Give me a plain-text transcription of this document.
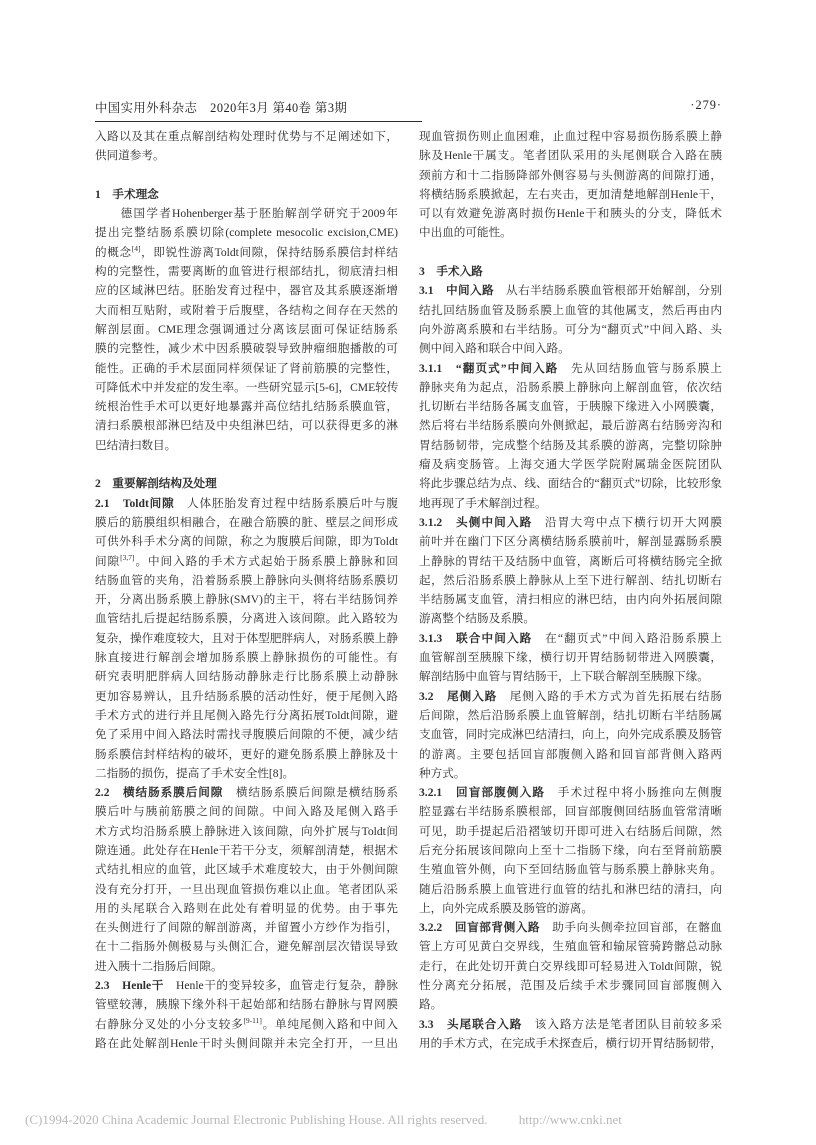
中国实用外科杂志　2020年3月 第40卷 第3期	·279·
入路以及其在重点解剖结构处理时优势与不足阐述如下，
供同道参考。

1　手术理念
　　德国学者Hohenberger基于胚胎解剖学研究于2009年
提出完整结肠系膜切除(complete mesocolic excision,CME)
的概念[4]，即锐性游离Toldt间隙，保持结肠系膜信封样结
构的完整性，需要离断的血管进行根部结扎，彻底清扫相
应的区域淋巴结。胚胎发育过程中，器官及其系膜逐渐增
大而相互贴附，或附着于后腹壁，各结构之间存在天然的
解剖层面。CME理念强调通过分离该层面可保证结肠系
膜的完整性，减少术中因系膜破裂导致肿瘤细胞播散的可
能性。正确的手术层面同样须保证了肾前筋膜的完整性，
可降低术中并发症的发生率。一些研究显示[5-6]，CME较传
统根治性手术可以更好地暴露并高位结扎结肠系膜血管，
清扫系膜根部淋巴结及中央组淋巴结，可以获得更多的淋
巴结清扫数目。

2　重要解剖结构及处理
2.1　Toldt间隙　人体胚胎发育过程中结肠系膜后叶与腹
膜后的筋膜组织相融合，在融合筋膜的脏、壁层之间形成
可供外科手术分离的间隙，称之为腹膜后间隙，即为Toldt
间隙[3,7]。中间入路的手术方式起始于肠系膜上静脉和回
结肠血管的夹角，沿着肠系膜上静脉向头侧将结肠系膜切
开，分离出肠系膜上静脉(SMV)的主干，将右半结肠饲养
血管结扎后提起结肠系膜，分离进入该间隙。此入路较为
复杂，操作难度较大，且对于体型肥胖病人，对肠系膜上静
脉直接进行解剖会增加肠系膜上静脉损伤的可能性。有
研究表明肥胖病人回结肠动静脉走行比肠系膜上动静脉
更加容易辨认，且升结肠系膜的活动性好，便于尾侧入路
手术方式的进行并且尾侧入路先行分离拓展Toldt间隙，避
免了采用中间入路法时需找寻腹膜后间隙的不便，减少结
肠系膜信封样结构的破坏，更好的避免肠系膜上静脉及十
二指肠的损伤，提高了手术安全性[8]。
2.2　横结肠系膜后间隙　横结肠系膜后间隙是横结肠系
膜后叶与胰前筋膜之间的间隙。中间入路及尾侧入路手
术方式均沿肠系膜上静脉进入该间隙，向外扩展与Toldt间
隙连通。此处存在Henle干若干分支，须解剖清楚，根据术
式结扎相应的血管，此区域手术难度较大，由于外侧间隙
没有充分打开，一旦出现血管损伤难以止血。笔者团队采
用的头尾联合入路则在此处有着明显的优势。由于事先
在头侧进行了间隙的解剖游离，并留置小方纱作为指引，
在十二指肠外侧极易与头侧汇合，避免解剖层次错误导致
进入胰十二指肠后间隙。
2.3　Henle干　Henle干的变异较多，血管走行复杂，静脉
管壁较薄，胰腺下缘外科干起始部和结肠右静脉与胃网膜
右静脉分叉处的小分支较多[9-11]。单纯尾侧入路和中间入
路在此处解剖Henle干时头侧间隙并未完全打开，一旦出
现血管损伤则止血困难，止血过程中容易损伤肠系膜上静
脉及Henle干属支。笔者团队采用的头尾侧联合入路在胰
颈前方和十二指肠降部外侧容易与头侧游离的间隙打通，
将横结肠系膜掀起，左右夹击，更加清楚地解剖Henle干，
可以有效避免游离时损伤Henle干和胰头的分支，降低术
中出血的可能性。

3　手术入路
3.1　中间入路　从右半结肠系膜血管根部开始解剖，分别
结扎回结肠血管及肠系膜上血管的其他属支，然后再由内
向外游离系膜和右半结肠。可分为“翻页式”中间入路、头
侧中间入路和联合中间入路。
3.1.1　“翻页式”中间入路　先从回结肠血管与肠系膜上
静脉夹角为起点，沿肠系膜上静脉向上解剖血管，依次结
扎切断右半结肠各属支血管，于胰腺下缘进入小网膜囊，
然后将右半结肠系膜向外侧掀起，最后游离右结肠旁沟和
胃结肠韧带，完成整个结肠及其系膜的游离，完整切除肿
瘤及病变肠管。上海交通大学医学院附属瑞金医院团队
将此步骤总结为点、线、面结合的“翻页式”切除，比较形象
地再现了手术解剖过程。
3.1.2　头侧中间入路　沿胃大弯中点下横行切开大网膜
前叶并在幽门下区分离横结肠系膜前叶，解剖显露肠系膜
上静脉的胃结干及结肠中血管，离断后可将横结肠完全掀
起，然后沿肠系膜上静脉从上至下进行解剖、结扎切断右
半结肠属支血管，清扫相应的淋巴结，由内向外拓展间隙
游离整个结肠及系膜。
3.1.3　联合中间入路　在“翻页式”中间入路沿肠系膜上
血管解剖至胰腺下缘，横行切开胃结肠韧带进入网膜囊，
解剖结肠中血管与胃结肠干，上下联合解剖至胰腺下缘。
3.2　尾侧入路　尾侧入路的手术方式为首先拓展右结肠
后间隙，然后沿肠系膜上血管解剖，结扎切断右半结肠属
支血管，同时完成淋巴结清扫，向上，向外完成系膜及肠管
的游离。主要包括回盲部腹侧入路和回盲部背侧入路两
种方式。
3.2.1　回盲部腹侧入路　手术过程中将小肠推向左侧腹
腔显露右半结肠系膜根部，回盲部腹侧回结肠血管常清晰
可见，助手提起后沿褶皱切开即可进入右结肠后间隙，然
后充分拓展该间隙向上至十二指肠下缘，向右至肾前筋膜
生殖血管外侧，向下至回结肠血管与肠系膜上静脉夹角。
随后沿肠系膜上血管进行血管的结扎和淋巴结的清扫，向
上，向外完成系膜及肠管的游离。
3.2.2　回盲部背侧入路　助手向头侧牵拉回盲部，在髂血
管上方可见黄白交界线，生殖血管和输尿管骑跨髂总动脉
走行，在此处切开黄白交界线即可轻易进入Toldt间隙，锐
性分离充分拓展，范围及后续手术步骤同回盲部腹侧入
路。
3.3　头尾联合入路　该入路方法是笔者团队目前较多采
用的手术方式，在完成手术探查后，横行切开胃结肠韧带，
(C)1994-2020 China Academic Journal Electronic Publishing House. All rights reserved. http://www.cnki.net
